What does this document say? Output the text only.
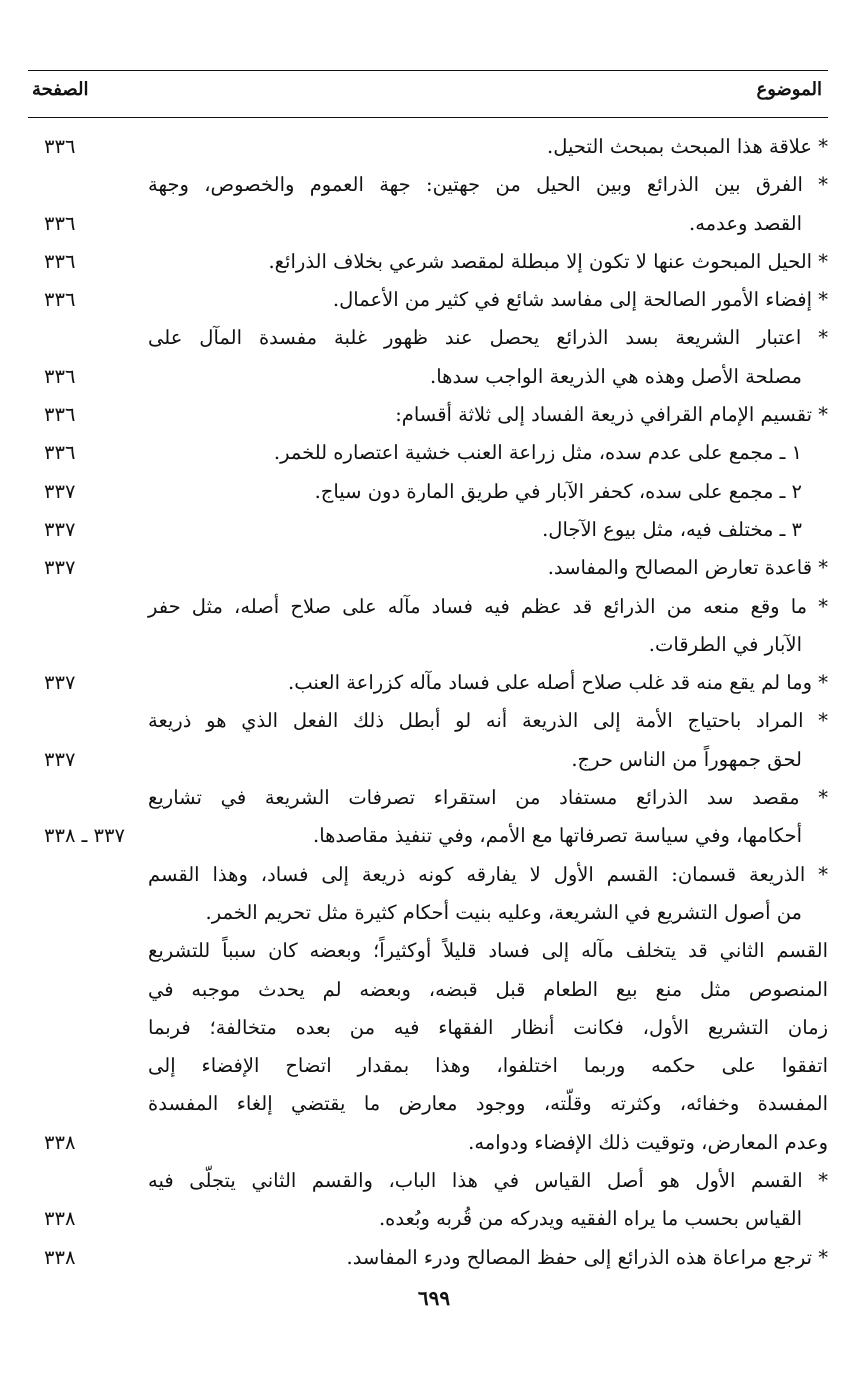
الموضوع
الصفحة
* علاقة هذا المبحث بمبحث التحيل.
٣٣٦
* الفرق بين الذرائع وبين الحيل من جهتين: جهة العموم والخصوص، وجهة
القصد وعدمه.
٣٣٦
* الحيل المبحوث عنها لا تكون إلا مبطلة لمقصد شرعي بخلاف الذرائع.
٣٣٦
* إفضاء الأمور الصالحة إلى مفاسد شائع في كثير من الأعمال.
٣٣٦
* اعتبار الشريعة بسد الذرائع يحصل عند ظهور غلبة مفسدة المآل على
مصلحة الأصل وهذه هي الذريعة الواجب سدها.
٣٣٦
* تقسيم الإمام القرافي ذريعة الفساد إلى ثلاثة أقسام:
٣٣٦
١ ـ مجمع على عدم سده، مثل زراعة العنب خشية اعتصاره للخمر.
٣٣٦
٢ ـ مجمع على سده، كحفر الآبار في طريق المارة دون سياج.
٣٣٧
٣ ـ مختلف فيه، مثل بيوع الآجال.
٣٣٧
* قاعدة تعارض المصالح والمفاسد.
٣٣٧
* ما وقع منعه من الذرائع قد عظم فيه فساد مآله على صلاح أصله، مثل حفر
الآبار في الطرقات.
* وما لم يقع منه قد غلب صلاح أصله على فساد مآله كزراعة العنب.
٣٣٧
* المراد باحتياج الأمة إلى الذريعة أنه لو أبطل ذلك الفعل الذي هو ذريعة
لحق جمهوراً من الناس حرج.
٣٣٧
* مقصد سد الذرائع مستفاد من استقراء تصرفات الشريعة في تشاريع
أحكامها، وفي سياسة تصرفاتها مع الأمم، وفي تنفيذ مقاصدها.
٣٣٧ ـ ٣٣٨
* الذريعة قسمان: القسم الأول لا يفارقه كونه ذريعة إلى فساد، وهذا القسم
من أصول التشريع في الشريعة، وعليه بنيت أحكام كثيرة مثل تحريم الخمر.
القسم الثاني قد يتخلف مآله إلى فساد قليلاً أوكثيراً؛ وبعضه كان سبباً للتشريع
المنصوص مثل منع بيع الطعام قبل قبضه، وبعضه لم يحدث موجبه في
زمان التشريع الأول، فكانت أنظار الفقهاء فيه من بعده متخالفة؛ فربما
اتفقوا على حكمه وربما اختلفوا، وهذا بمقدار اتضاح الإفضاء إلى
المفسدة وخفائه، وكثرته وقلّته، ووجود معارض ما يقتضي إلغاء المفسدة
وعدم المعارض، وتوقيت ذلك الإفضاء ودوامه.
٣٣٨
* القسم الأول هو أصل القياس في هذا الباب، والقسم الثاني يتجلّى فيه
القياس بحسب ما يراه الفقيه ويدركه من قُربه وبُعده.
٣٣٨
* ترجع مراعاة هذه الذرائع إلى حفظ المصالح ودرء المفاسد.
٣٣٨
٦٩٩
